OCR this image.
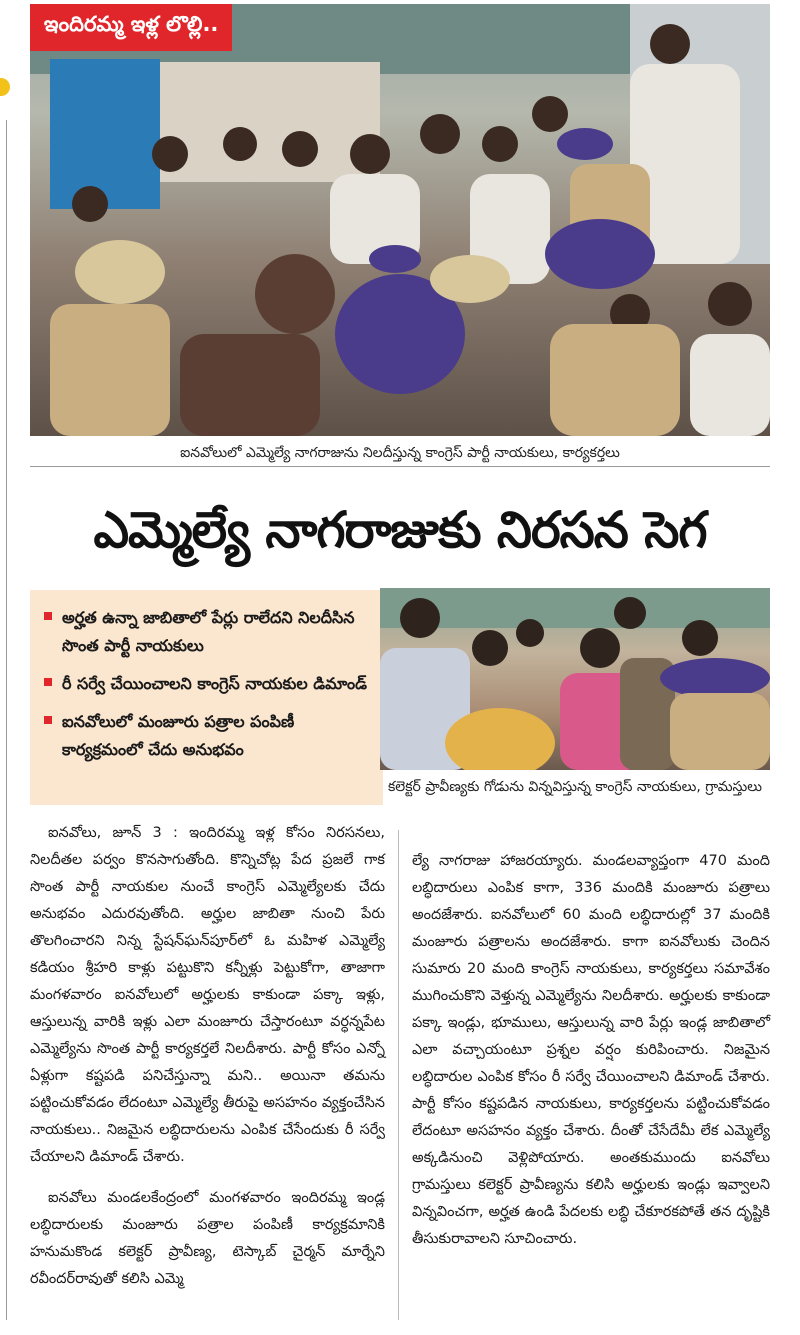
ఇందిరమ్మ ఇళ్ల లొల్లి..
ఐనవోలులో ఎమ్మెల్యే నాగరాజును నిలదీస్తున్న కాంగ్రెస్ పార్టీ నాయకులు, కార్యకర్తలు
ఎమ్మెల్యే నాగరాజుకు నిరసన సెగ
అర్హత ఉన్నా జాబితాలో పేర్లు రాలేదని నిలదీసిన సొంత పార్టీ నాయకులు
రీ సర్వే చేయించాలని కాంగ్రెస్ నాయకుల డిమాండ్
ఐనవోలులో మంజూరు పత్రాల పంపిణీ కార్యక్రమంలో చేదు అనుభవం
కలెక్టర్ ప్రావీణ్యకు గోడును విన్నవిస్తున్న కాంగ్రెస్ నాయకులు, గ్రామస్తులు

ఐనవోలు, జూన్ 3 : ఇందిరమ్మ ఇళ్ల కోసం నిరసనలు, నిలదీతల పర్వం కొనసాగుతోంది. కొన్నిచోట్ల పేద ప్రజలే గాక సొంత పార్టీ నాయకుల నుంచే కాంగ్రెస్ ఎమ్మెల్యేలకు చేదు అనుభవం ఎదురవుతోంది. అర్హుల జాబితా నుంచి పేరు తొలగించారని నిన్న స్టేషన్‌ఘన్‌పూర్‌లో ఓ మహిళ ఎమ్మెల్యే కడియం శ్రీహరి కాళ్లు పట్టుకొని కన్నీళ్లు పెట్టుకోగా, తాజాగా మంగళవారం ఐనవోలులో అర్హులకు కాకుండా పక్కా ఇళ్లు, ఆస్తులున్న వారికి ఇళ్లు ఎలా మంజూరు చేస్తారంటూ వర్ధన్నపేట ఎమ్మెల్యేను సొంత పార్టీ కార్యకర్తలే నిలదీశారు. పార్టీ కోసం ఎన్నో ఏళ్లుగా కష్టపడి పనిచేస్తున్నా మని.. అయినా తమను పట్టించుకోవడం లేదంటూ ఎమ్మెల్యే తీరుపై అసహనం వ్యక్తంచేసిన నాయకులు.. నిజమైన లబ్ధిదారులను ఎంపిక చేసేందుకు రీ సర్వే చేయాలని డిమాండ్ చేశారు.

ఐనవోలు మండలకేంద్రంలో మంగళవారం ఇందిరమ్మ ఇండ్ల లబ్ధిదారులకు మంజూరు పత్రాల పంపిణీ కార్యక్రమానికి హనుమకొండ కలెక్టర్ ప్రావీణ్య, టెస్కాబ్ చైర్మన్ మార్నేని రవీందర్‌రావుతో కలిసి ఎమ్మె

ల్యే నాగరాజు హాజరయ్యారు. మండలవ్యాప్తంగా 470 మంది లబ్ధిదారులు ఎంపిక కాగా, 336 మందికి మంజూరు పత్రాలు అందజేశారు. ఐనవోలులో 60 మంది లబ్ధిదారుల్లో 37 మందికి మంజూరు పత్రాలను అందజేశారు. కాగా ఐనవోలుకు చెందిన సుమారు 20 మంది కాంగ్రెస్ నాయకులు, కార్యకర్తలు సమావేశం ముగించుకొని వెళ్తున్న ఎమ్మెల్యేను నిలదీశారు. అర్హులకు కాకుండా పక్కా ఇండ్లు, భూములు, ఆస్తులున్న వారి పేర్లు ఇండ్ల జాబితాలో ఎలా వచ్చాయంటూ ప్రశ్నల వర్షం కురిపించారు. నిజమైన లబ్ధిదారుల ఎంపిక కోసం రీ సర్వే చేయించాలని డిమాండ్ చేశారు. పార్టీ కోసం కష్టపడిన నాయకులు, కార్యకర్తలను పట్టించుకోవడం లేదంటూ అసహనం వ్యక్తం చేశారు. దీంతో చేసేదేమీ లేక ఎమ్మెల్యే అక్కడినుంచి వెళ్లిపోయారు. అంతకుముందు ఐనవోలు గ్రామస్తులు కలెక్టర్ ప్రావీణ్యను కలిసి అర్హులకు ఇండ్లు ఇవ్వాలని విన్నవించగా, అర్హత ఉండి పేదలకు లబ్ధి చేకూరకపోతే తన దృష్టికి తీసుకురావాలని సూచించారు.
